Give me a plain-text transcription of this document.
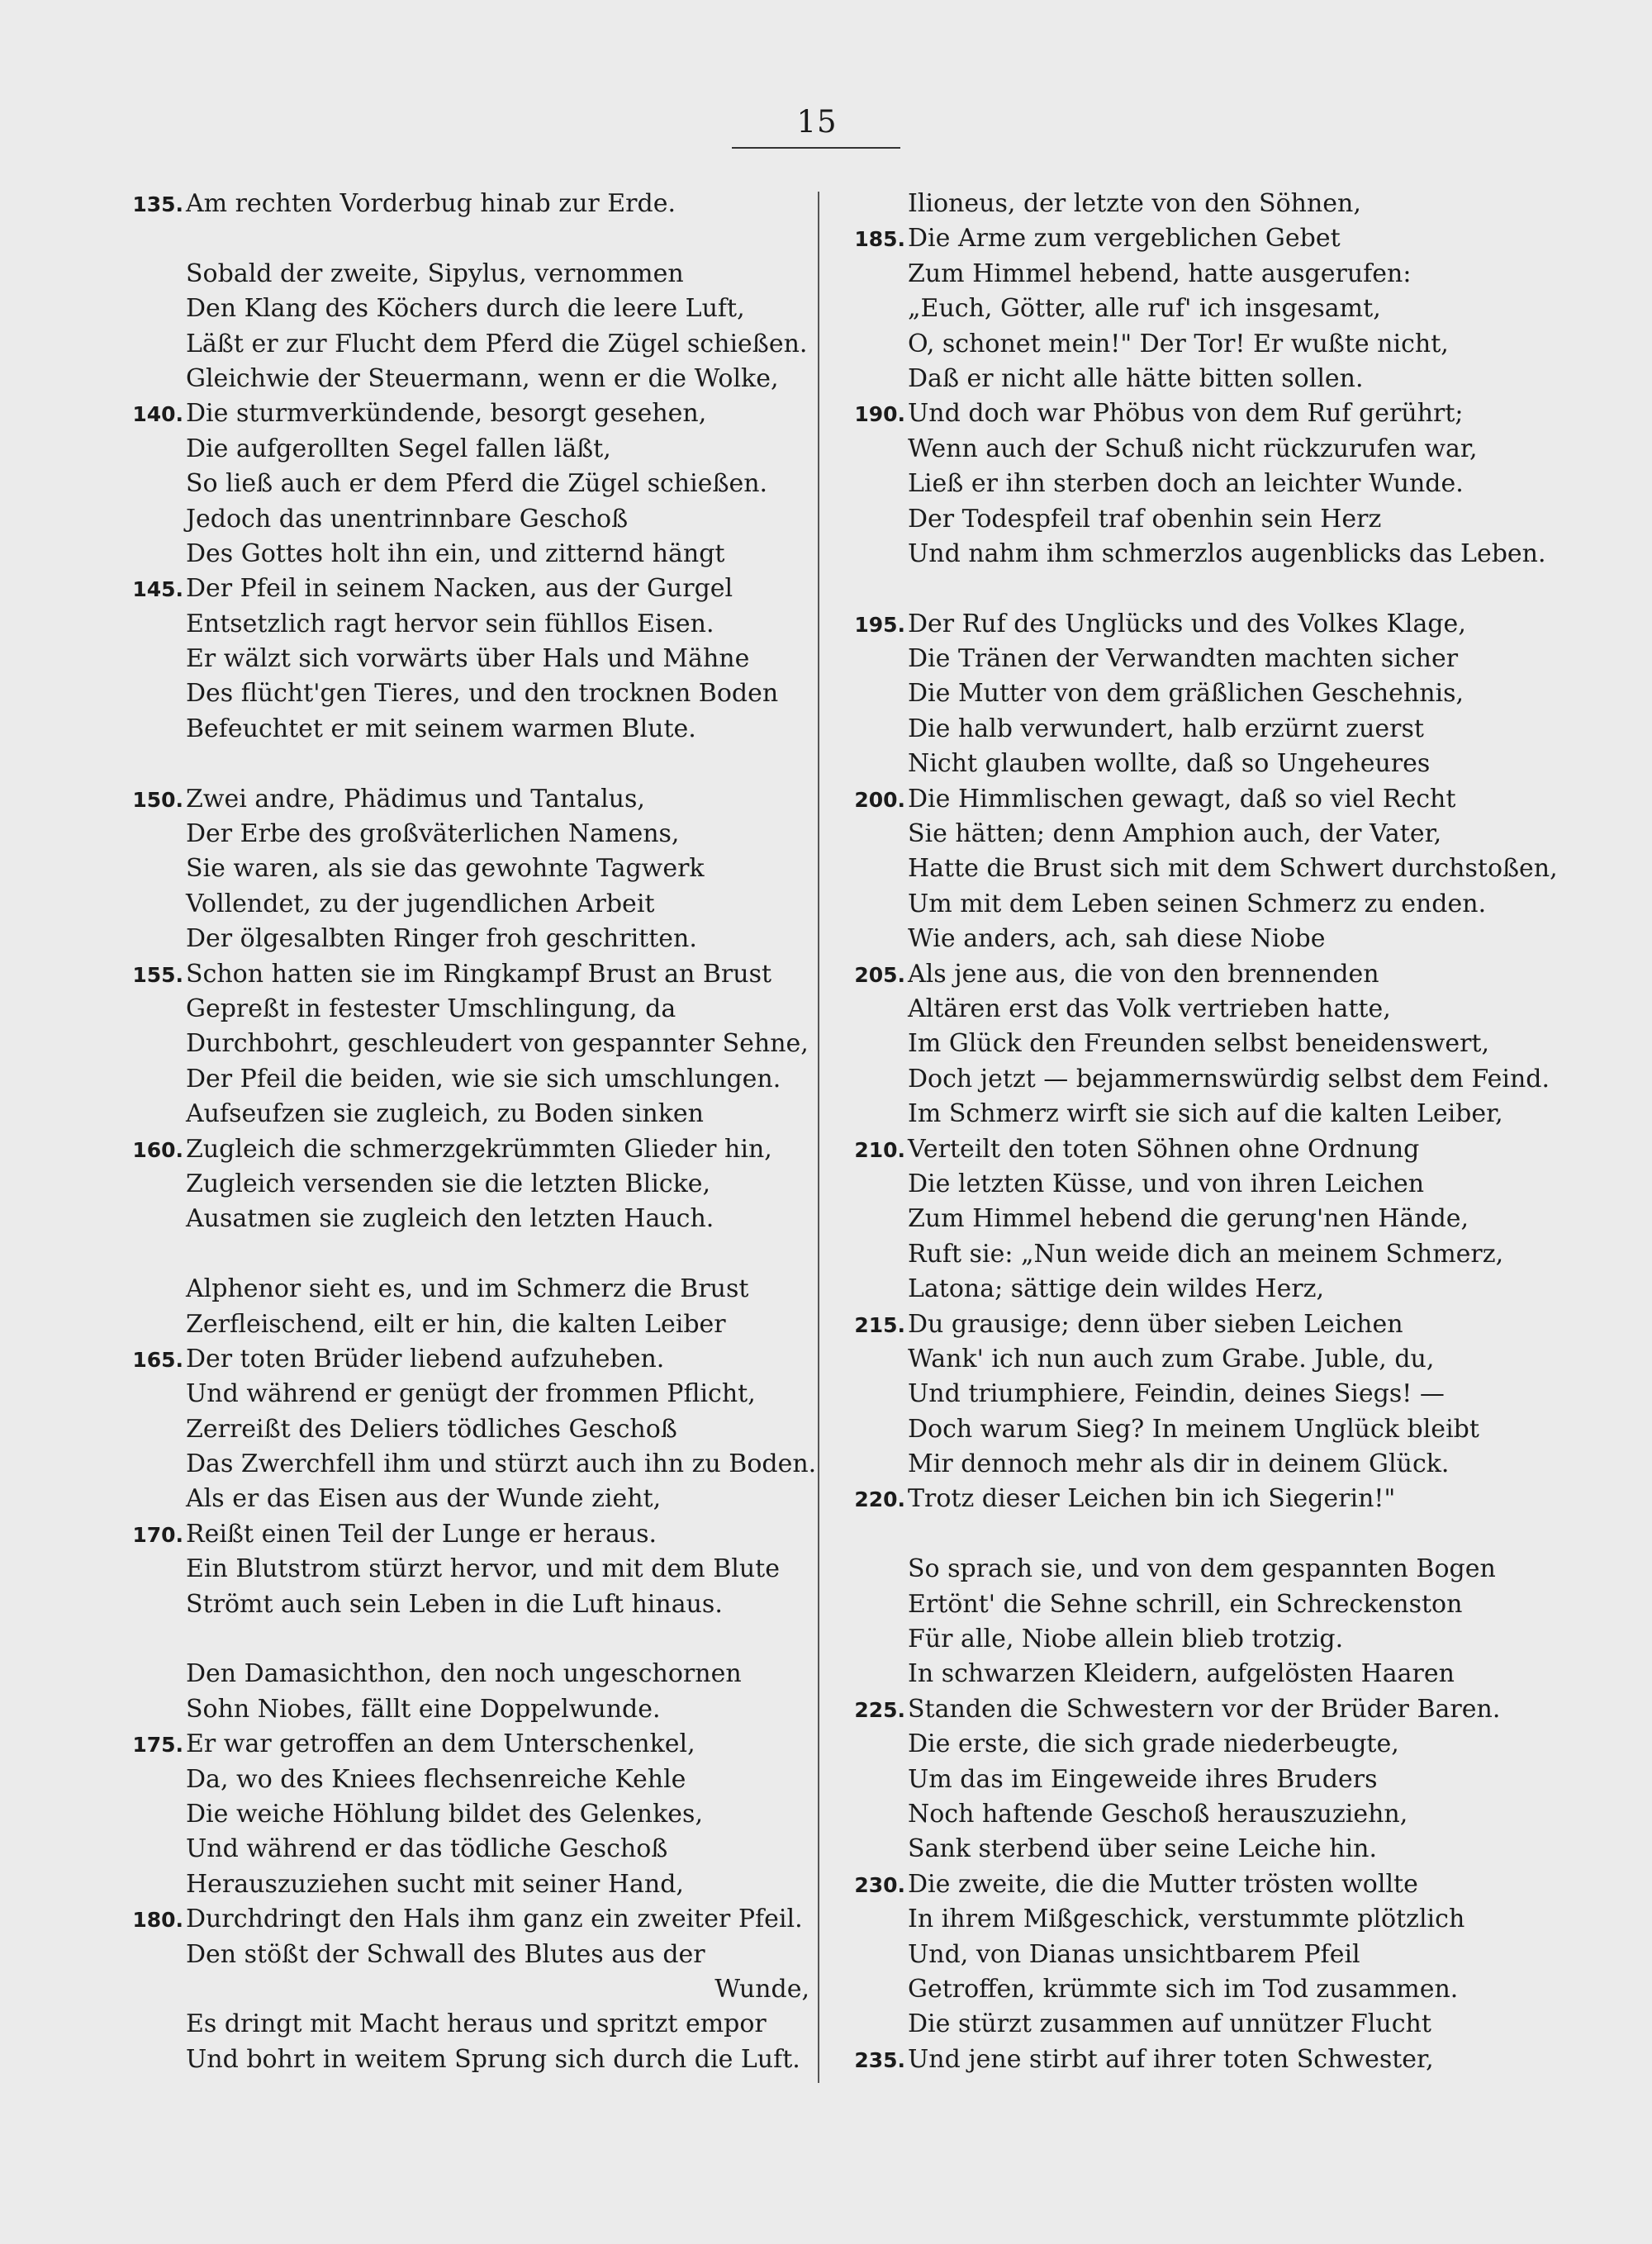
15
135. Am rechten Vorderbug hinab zur Erde.
Sobald der zweite, Sipylus, vernommen
Den Klang des Köchers durch die leere Luft,
Läßt er zur Flucht dem Pferd die Zügel schießen.
Gleichwie der Steuermann, wenn er die Wolke,
140. Die sturmverkündende, besorgt gesehen,
Die aufgerollten Segel fallen läßt,
So ließ auch er dem Pferd die Zügel schießen.
Jedoch das unentrinnbare Geschoß
Des Gottes holt ihn ein, und zitternd hängt
145. Der Pfeil in seinem Nacken, aus der Gurgel
Entsetzlich ragt hervor sein fühllos Eisen.
Er wälzt sich vorwärts über Hals und Mähne
Des flücht'gen Tieres, und den trocknen Boden
Befeuchtet er mit seinem warmen Blute.
150. Zwei andre, Phädimus und Tantalus,
Der Erbe des großväterlichen Namens,
Sie waren, als sie das gewohnte Tagwerk
Vollendet, zu der jugendlichen Arbeit
Der ölgesalbten Ringer froh geschritten.
155. Schon hatten sie im Ringkampf Brust an Brust
Gepreßt in festester Umschlingung, da
Durchbohrt, geschleudert von gespannter Sehne,
Der Pfeil die beiden, wie sie sich umschlungen.
Aufseufzen sie zugleich, zu Boden sinken
160. Zugleich die schmerzgekrümmten Glieder hin,
Zugleich versenden sie die letzten Blicke,
Ausatmen sie zugleich den letzten Hauch.
Alphenor sieht es, und im Schmerz die Brust
Zerfleischend, eilt er hin, die kalten Leiber
165. Der toten Brüder liebend aufzuheben.
Und während er genügt der frommen Pflicht,
Zerreißt des Deliers tödliches Geschoß
Das Zwerchfell ihm und stürzt auch ihn zu Boden.
Als er das Eisen aus der Wunde zieht,
170. Reißt einen Teil der Lunge er heraus.
Ein Blutstrom stürzt hervor, und mit dem Blute
Strömt auch sein Leben in die Luft hinaus.
Den Damasichthon, den noch ungeschornen
Sohn Niobes, fällt eine Doppelwunde.
175. Er war getroffen an dem Unterschenkel,
Da, wo des Kniees flechsenreiche Kehle
Die weiche Höhlung bildet des Gelenkes,
Und während er das tödliche Geschoß
Herauszuziehen sucht mit seiner Hand,
180. Durchdringt den Hals ihm ganz ein zweiter Pfeil.
Den stößt der Schwall des Blutes aus der
Wunde,
Es dringt mit Macht heraus und spritzt empor
Und bohrt in weitem Sprung sich durch die Luft.
Ilioneus, der letzte von den Söhnen,
185. Die Arme zum vergeblichen Gebet
Zum Himmel hebend, hatte ausgerufen:
„Euch, Götter, alle ruf' ich insgesamt,
O, schonet mein!" Der Tor! Er wußte nicht,
Daß er nicht alle hätte bitten sollen.
190. Und doch war Phöbus von dem Ruf gerührt;
Wenn auch der Schuß nicht rückzurufen war,
Ließ er ihn sterben doch an leichter Wunde.
Der Todespfeil traf obenhin sein Herz
Und nahm ihm schmerzlos augenblicks das Leben.
195. Der Ruf des Unglücks und des Volkes Klage,
Die Tränen der Verwandten machten sicher
Die Mutter von dem gräßlichen Geschehnis,
Die halb verwundert, halb erzürnt zuerst
Nicht glauben wollte, daß so Ungeheures
200. Die Himmlischen gewagt, daß so viel Recht
Sie hätten; denn Amphion auch, der Vater,
Hatte die Brust sich mit dem Schwert durchstoßen,
Um mit dem Leben seinen Schmerz zu enden.
Wie anders, ach, sah diese Niobe
205. Als jene aus, die von den brennenden
Altären erst das Volk vertrieben hatte,
Im Glück den Freunden selbst beneidenswert,
Doch jetzt — bejammernswürdig selbst dem Feind.
Im Schmerz wirft sie sich auf die kalten Leiber,
210. Verteilt den toten Söhnen ohne Ordnung
Die letzten Küsse, und von ihren Leichen
Zum Himmel hebend die gerung'nen Hände,
Ruft sie: „Nun weide dich an meinem Schmerz,
Latona; sättige dein wildes Herz,
215. Du grausige; denn über sieben Leichen
Wank' ich nun auch zum Grabe. Juble, du,
Und triumphiere, Feindin, deines Siegs! —
Doch warum Sieg? In meinem Unglück bleibt
Mir dennoch mehr als dir in deinem Glück.
220. Trotz dieser Leichen bin ich Siegerin!"
So sprach sie, und von dem gespannten Bogen
Ertönt' die Sehne schrill, ein Schreckenston
Für alle, Niobe allein blieb trotzig.
In schwarzen Kleidern, aufgelösten Haaren
225. Standen die Schwestern vor der Brüder Baren.
Die erste, die sich grade niederbeugte,
Um das im Eingeweide ihres Bruders
Noch haftende Geschoß herauszuziehn,
Sank sterbend über seine Leiche hin.
230. Die zweite, die die Mutter trösten wollte
In ihrem Mißgeschick, verstummte plötzlich
Und, von Dianas unsichtbarem Pfeil
Getroffen, krümmte sich im Tod zusammen.
Die stürzt zusammen auf unnützer Flucht
235. Und jene stirbt auf ihrer toten Schwester,
